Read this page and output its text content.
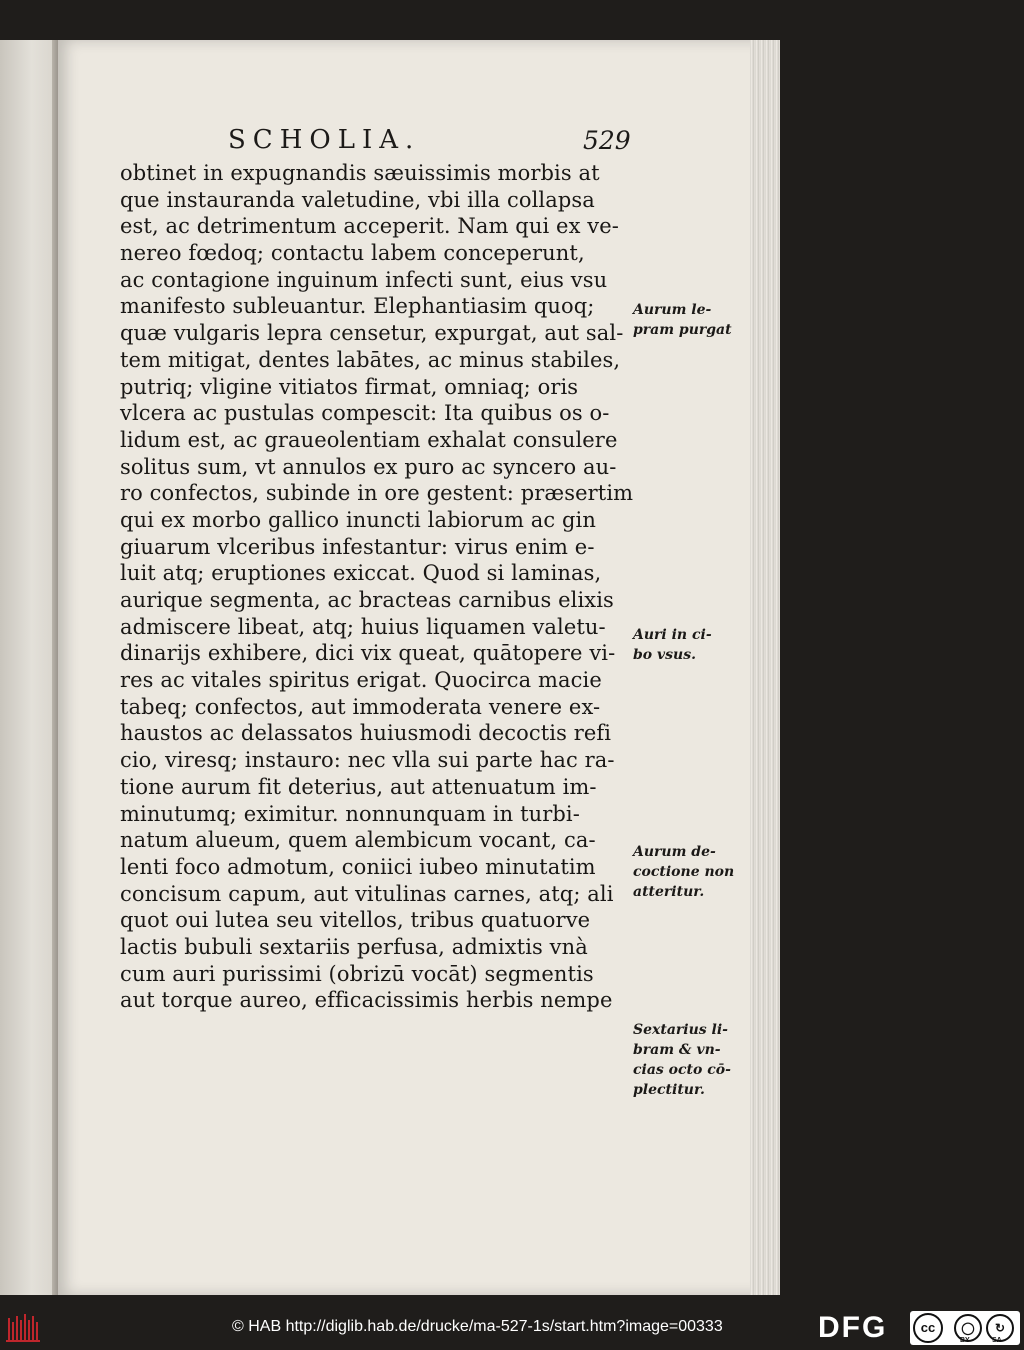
SCHOLIA.	529
obtinet in expugnandis sæuissimis morbis at
que instauranda valetudine, vbi illa collapsa
est, ac detrimentum acceperit. Nam qui ex ve-
nereo fœdoq; contactu labem conceperunt,
ac contagione inguinum infecti sunt, eius vsu
manifesto subleuantur. Elephantiasim quoq;
quæ vulgaris lepra censetur, expurgat, aut sal-
tem mitigat, dentes labātes, ac minus stabiles,
putriq; vligine vitiatos firmat, omniaq; oris
vlcera ac pustulas compescit: Ita quibus os o-
lidum est, ac graueolentiam exhalat consulere
solitus sum, vt annulos ex puro ac syncero au-
ro confectos, subinde in ore gestent: præsertim
qui ex morbo gallico inuncti labiorum ac gin
giuarum vlceribus infestantur: virus enim e-
luit atq; eruptiones exiccat. Quod si laminas,
aurique segmenta, ac bracteas carnibus elixis
admiscere libeat, atq; huius liquamen valetu-
dinarijs exhibere, dici vix queat, quātopere vi-
res ac vitales spiritus erigat. Quocirca macie
tabeq; confectos, aut immoderata venere ex-
haustos ac delassatos huiusmodi decoctis refi
cio, viresq; instauro: nec vlla sui parte hac ra-
tione aurum fit deterius, aut attenuatum im-
minutumq; eximitur. nonnunquam in turbi-
natum alueum, quem alembicum vocant, ca-
lenti foco admotum, coniici iubeo minutatim
concisum capum, aut vitulinas carnes, atq; ali
quot oui lutea seu vitellos, tribus quatuorve
lactis bubuli sextariis perfusa, admixtis vnà
cum auri purissimi (obrizū vocāt) segmentis
aut torque aureo, efficacissimis herbis nempe
Aurum le-
pram purgat
Auri in ci-
bo vsus.
Aurum de-
coctione non
atteritur.
Sextarius li-
bram & vn-
cias octo cō-
plectitur.
© HAB http://diglib.hab.de/drucke/ma-527-1s/start.htm?image=00333	DFG	cc	◯	↻
BY	SA
